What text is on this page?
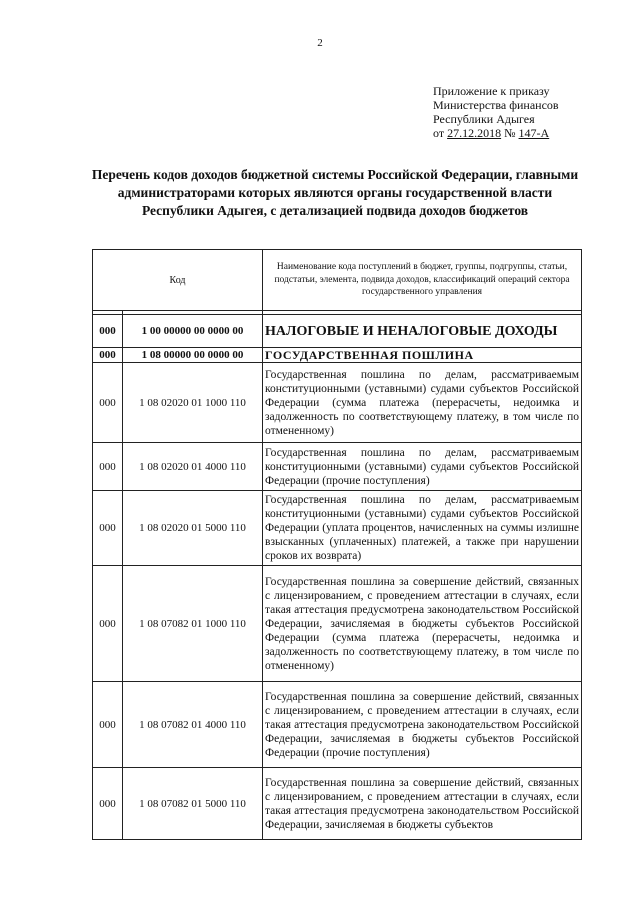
2
Приложение к приказу
Министерства финансов
Республики Адыгея
от 27.12.2018 № 147-А
Перечень кодов доходов бюджетной системы Российской Федерации, главными администраторами которых являются органы государственной власти Республики Адыгея, с детализацией подвида доходов бюджетов
Код		Наименование кода поступлений в бюджет, группы, подгруппы, статьи, подстатьи, элемента, подвида доходов, классификаций операций сектора государственного управления

000	1 00 00000 00 0000 00	НАЛОГОВЫЕ И НЕНАЛОГОВЫЕ ДОХОДЫ
000	1 08 00000 00 0000 00	ГОСУДАРСТВЕННАЯ ПОШЛИНА
000	1 08 02020 01 1000 110	Государственная пошлина по делам, рассматриваемым конституционными (уставными) судами субъектов Российской Федерации (сумма платежа (перерасчеты, недоимка и задолженность по соответствующему платежу, в том числе по отмененному)
000	1 08 02020 01 4000 110	Государственная пошлина по делам, рассматриваемым конституционными (уставными) судами субъектов Российской Федерации (прочие поступления)
000	1 08 02020 01 5000 110	Государственная пошлина по делам, рассматриваемым конституционными (уставными) судами субъектов Российской Федерации (уплата процентов, начисленных на суммы излишне взысканных (уплаченных) платежей, а также при нарушении сроков их возврата)
000	1 08 07082 01 1000 110	Государственная пошлина за совершение действий, связанных с лицензированием, с проведением аттестации в случаях, если такая аттестация предусмотрена законодательством Российской Федерации, зачисляемая в бюджеты субъектов Российской Федерации (сумма платежа (перерасчеты, недоимка и задолженность по соответствующему платежу, в том числе по отмененному)
000	1 08 07082 01 4000 110	Государственная пошлина за совершение действий, связанных с лицензированием, с проведением аттестации в случаях, если такая аттестация предусмотрена законодательством Российской Федерации, зачисляемая в бюджеты субъектов Российской Федерации (прочие поступления)
000	1 08 07082 01 5000 110	Государственная пошлина за совершение действий, связанных с лицензированием, с проведением аттестации в случаях, если такая аттестация предусмотрена законодательством Российской Федерации, зачисляемая в бюджеты субъектов
